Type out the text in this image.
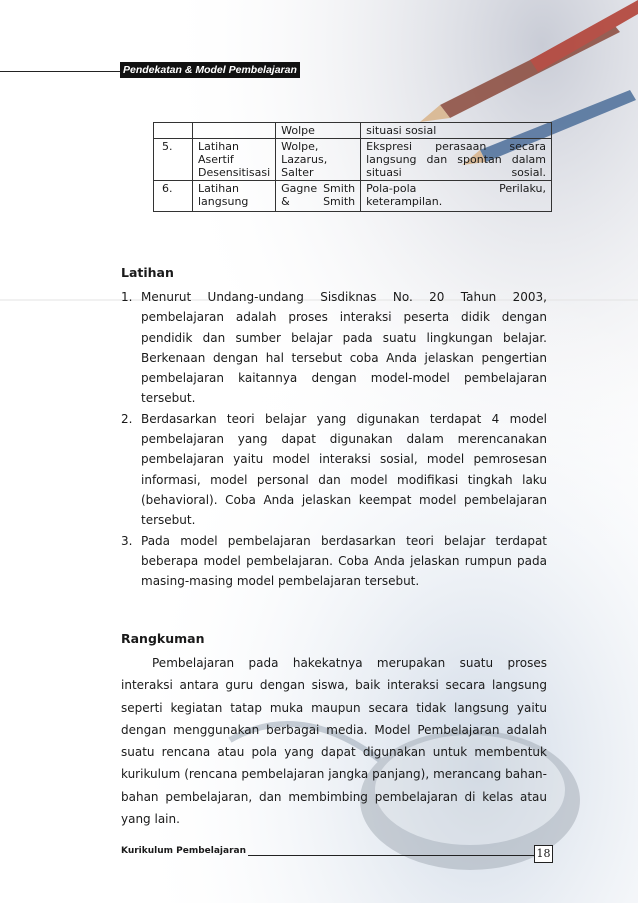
Pendekatan & Model Pembelajaran
		Wolpe	situasi sosial
5.	Latihan Asertif Desensitisasi	Wolpe, Lazarus, Salter	Ekspresi perasaan secara langsung dan spontan dalam situasi sosial.
6.	Latihan langsung	Gagne Smith & Smith	Pola-pola Perilaku, keterampilan.
Latihan
1. Menurut Undang-undang Sisdiknas No. 20 Tahun 2003, pembelajaran adalah proses interaksi peserta didik dengan pendidik dan sumber belajar pada suatu lingkungan belajar. Berkenaan dengan hal tersebut coba Anda jelaskan pengertian pembelajaran kaitannya dengan model-model pembelajaran tersebut.
2. Berdasarkan teori belajar yang digunakan terdapat 4 model pembelajaran yang dapat digunakan dalam merencanakan pembelajaran yaitu model interaksi sosial, model pemrosesan informasi, model personal dan model modifikasi tingkah laku (behavioral). Coba Anda jelaskan keempat model pembelajaran tersebut.
3. Pada model pembelajaran berdasarkan teori belajar terdapat beberapa model pembelajaran. Coba Anda jelaskan rumpun pada masing-masing model pembelajaran tersebut.
Rangkuman

Pembelajaran pada hakekatnya merupakan suatu proses interaksi antara guru dengan siswa, baik interaksi secara langsung seperti kegiatan tatap muka maupun secara tidak langsung yaitu dengan menggunakan berbagai media. Model Pembelajaran adalah suatu rencana atau pola yang dapat digunakan untuk membentuk kurikulum (rencana pembelajaran jangka panjang), merancang bahan-bahan pembelajaran, dan membimbing pembelajaran di kelas atau yang lain.

Kurikulum Pembelajaran	18
